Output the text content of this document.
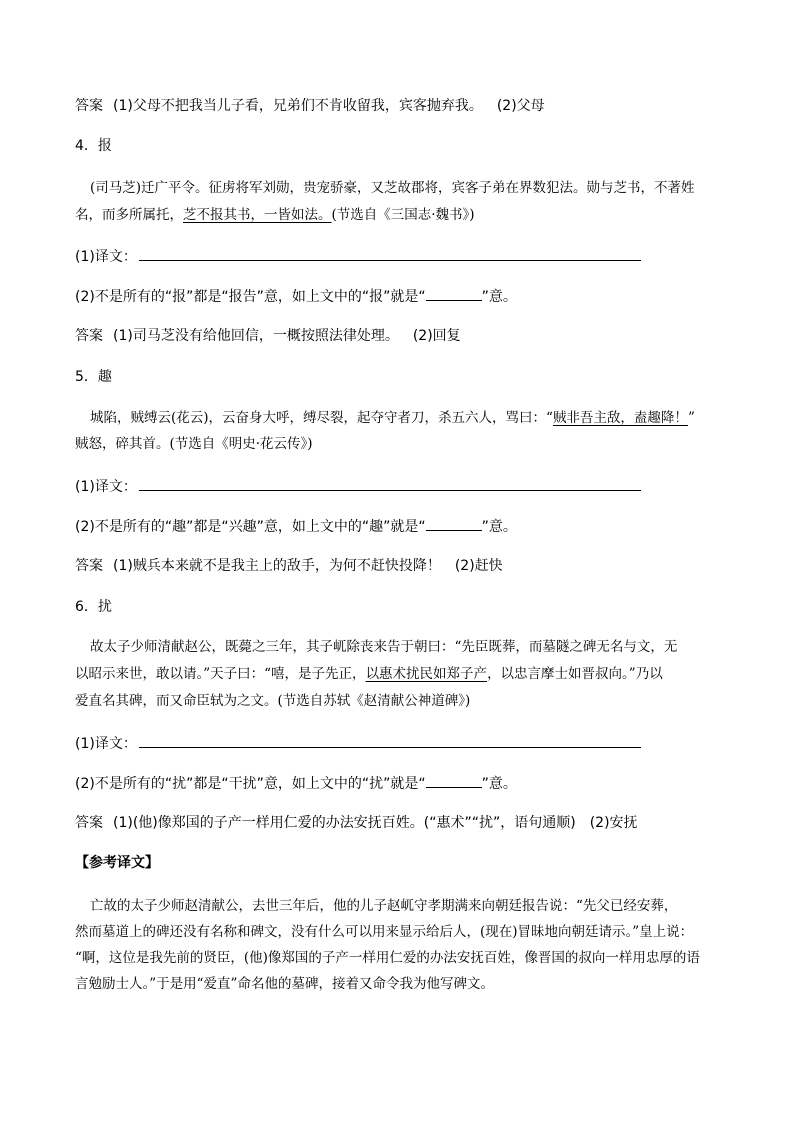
答案 (1)父母不把我当儿子看，兄弟们不肯收留我，宾客抛弃我。 (2)父母
4．报
(司马芝)迁广平令。征虏将军刘勋，贵宠骄豪，又芝故郡将，宾客子弟在界数犯法。勋与芝书，不著姓
名，而多所属托，芝不报其书，一皆如法。(节选自《三国志·魏书》)
(1)译文：
(2)不是所有的“报”都是“报告”意，如上文中的“报”就是“	”意。
答案 (1)司马芝没有给他回信，一概按照法律处理。 (2)回复
5．趣
城陷，贼缚云(花云)，云奋身大呼，缚尽裂，起夺守者刀，杀五六人，骂曰：“贼非吾主敌，盍趣降！”
贼怒，碎其首。(节选自《明史·花云传》)
(1)译文：
(2)不是所有的“趣”都是“兴趣”意，如上文中的“趣”就是“	”意。
答案 (1)贼兵本来就不是我主上的敌手，为何不赶快投降！ (2)赶快
6．扰
故太子少师清献赵公，既薨之三年，其子屼除丧来告于朝曰：“先臣既葬，而墓隧之碑无名与文，无
以昭示来世，敢以请。”天子曰：“嘻，是子先正，以惠术扰民如郑子产，以忠言摩士如晋叔向。”乃以
爱直名其碑，而又命臣轼为之文。(节选自苏轼《赵清献公神道碑》)
(1)译文：
(2)不是所有的“扰”都是“干扰”意，如上文中的“扰”就是“	”意。
答案 (1)(他)像郑国的子产一样用仁爱的办法安抚百姓。(“惠术”“扰”，语句通顺) (2)安抚
【参考译文】
亡故的太子少师赵清献公，去世三年后，他的儿子赵屼守孝期满来向朝廷报告说：“先父已经安葬，
然而墓道上的碑还没有名称和碑文，没有什么可以用来显示给后人，(现在)冒昧地向朝廷请示。”皇上说：
“啊，这位是我先前的贤臣，(他)像郑国的子产一样用仁爱的办法安抚百姓，像晋国的叔向一样用忠厚的语
言勉励士人。”于是用“爱直”命名他的墓碑，接着又命令我为他写碑文。
